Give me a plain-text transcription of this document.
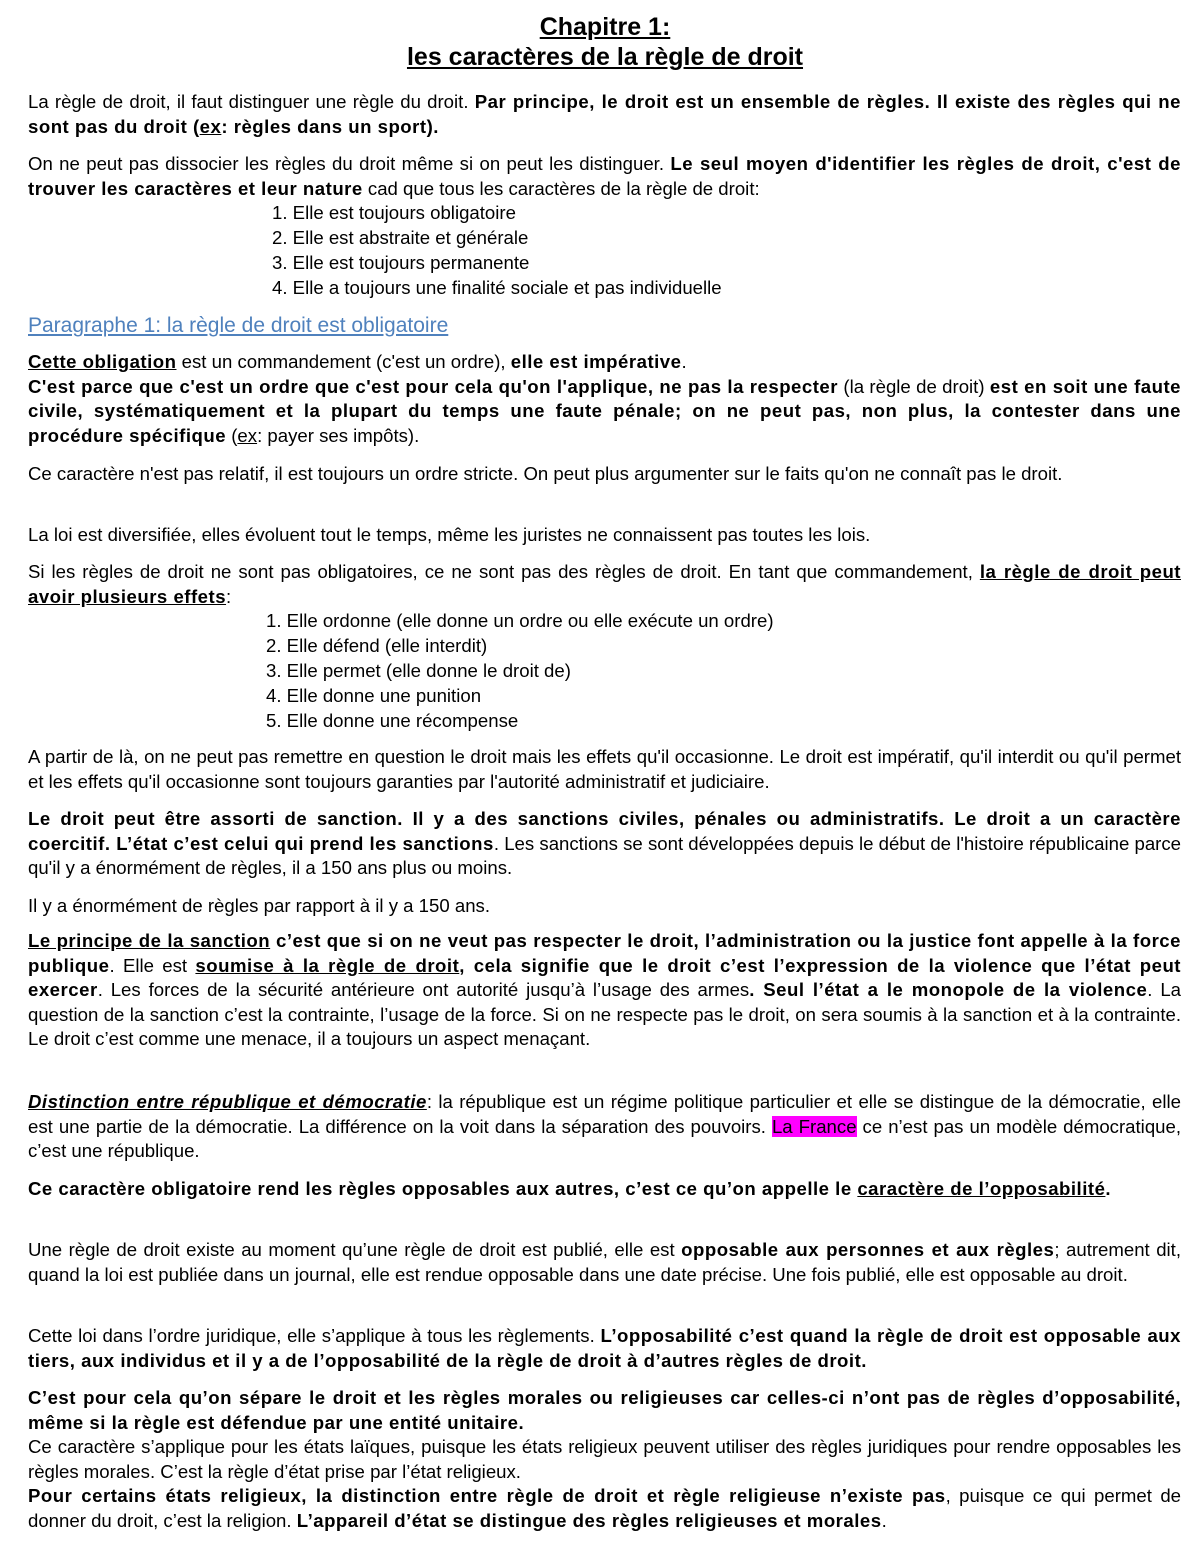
Chapitre 1:
les caractères de la règle de droit
La règle de droit, il faut distinguer une règle du droit. Par principe, le droit est un ensemble de règles. Il existe des règles qui ne sont pas du droit (ex: règles dans un sport).
On ne peut pas dissocier les règles du droit même si on peut les distinguer. Le seul moyen d'identifier les règles de droit, c'est de trouver les caractères et leur nature cad que tous les caractères de la règle de droit:
1. Elle est toujours obligatoire
2. Elle est abstraite et générale
3. Elle est toujours permanente
4. Elle a toujours une finalité sociale et pas individuelle
Paragraphe 1: la règle de droit est obligatoire
Cette obligation est un commandement (c'est un ordre), elle est impérative.
C'est parce que c'est un ordre que c'est pour cela qu'on l'applique, ne pas la respecter (la règle de droit) est en soit une faute civile, systématiquement et la plupart du temps une faute pénale; on ne peut pas, non plus, la contester dans une procédure spécifique (ex: payer ses impôts).
Ce caractère n'est pas relatif, il est toujours un ordre stricte. On peut plus argumenter sur le faits qu'on ne connaît pas le droit.
La loi est diversifiée, elles évoluent tout le temps, même les juristes ne connaissent pas toutes les lois.
Si les règles de droit ne sont pas obligatoires, ce ne sont pas des règles de droit. En tant que commandement, la règle de droit peut avoir plusieurs effets:
1. Elle ordonne (elle donne un ordre ou elle exécute un ordre)
2. Elle défend (elle interdit)
3. Elle permet (elle donne le droit de)
4. Elle donne une punition
5. Elle donne une récompense
A partir de là, on ne peut pas remettre en question le droit mais les effets qu'il occasionne. Le droit est impératif, qu'il interdit ou qu'il permet et les effets qu'il occasionne sont toujours garanties par l'autorité administratif et judiciaire.
Le droit peut être assorti de sanction. Il y a des sanctions civiles, pénales ou administratifs. Le droit a un caractère coercitif. L’état c’est celui qui prend les sanctions. Les sanctions se sont développées depuis le début de l'histoire républicaine parce qu'il y a énormément de règles, il a 150 ans plus ou moins.
Il y a énormément de règles par rapport à il y a 150 ans.
Le principe de la sanction c’est que si on ne veut pas respecter le droit, l’administration ou la justice font appelle à la force publique. Elle est soumise à la règle de droit, cela signifie que le droit c’est l’expression de la violence que l’état peut exercer. Les forces de la sécurité antérieure ont autorité jusqu’à l’usage des armes. Seul l’état a le monopole de la violence. La question de la sanction c’est la contrainte, l’usage de la force. Si on ne respecte pas le droit, on sera soumis à la sanction et à la contrainte. Le droit c’est comme une menace, il a toujours un aspect menaçant.
Distinction entre république et démocratie: la république est un régime politique particulier et elle se distingue de la démocratie, elle est une partie de la démocratie. La différence on la voit dans la séparation des pouvoirs. La France ce n’est pas un modèle démocratique, c’est une république.
Ce caractère obligatoire rend les règles opposables aux autres, c’est ce qu’on appelle le caractère de l’opposabilité.
Une règle de droit existe au moment qu’une règle de droit est publié, elle est opposable aux personnes et aux règles; autrement dit, quand la loi est publiée dans un journal, elle est rendue opposable dans une date précise. Une fois publié, elle est opposable au droit.
Cette loi dans l’ordre juridique, elle s’applique à tous les règlements. L’opposabilité c’est quand la règle de droit est opposable aux tiers, aux individus et il y a de l’opposabilité de la règle de droit à d’autres règles de droit.
C’est pour cela qu’on sépare le droit et les règles morales ou religieuses car celles-ci n’ont pas de règles d’opposabilité, même si la règle est défendue par une entité unitaire.
Ce caractère s’applique pour les états laïques, puisque les états religieux peuvent utiliser des règles juridiques pour rendre opposables les règles morales. C’est la règle d’état prise par l’état religieux.
Pour certains états religieux, la distinction entre règle de droit et règle religieuse n’existe pas, puisque ce qui permet de donner du droit, c’est la religion. L’appareil d’état se distingue des règles religieuses et morales.
